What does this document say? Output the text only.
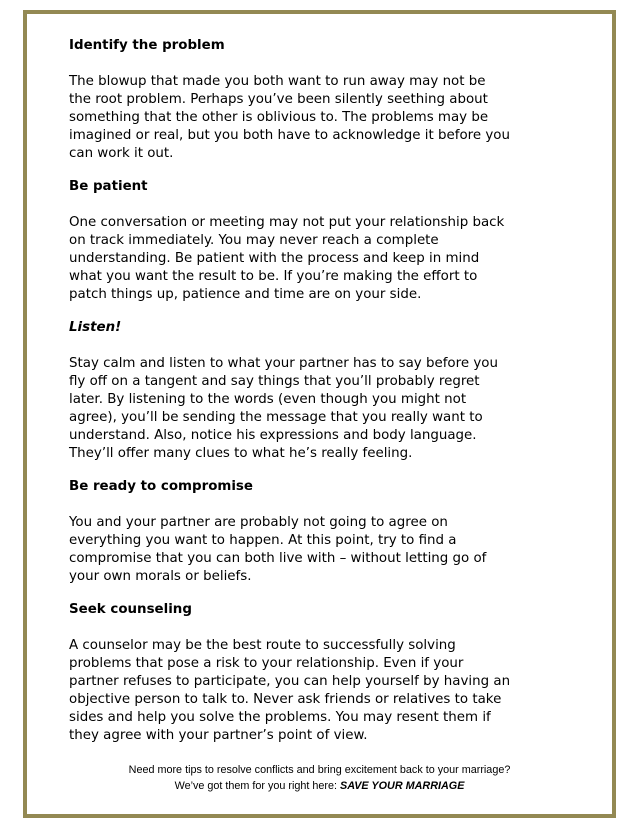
Identify the problem
The blowup that made you both want to run away may not be
the root problem. Perhaps you’ve been silently seething about
something that the other is oblivious to. The problems may be
imagined or real, but you both have to acknowledge it before you
can work it out.
Be patient
One conversation or meeting may not put your relationship back
on track immediately. You may never reach a complete
understanding. Be patient with the process and keep in mind
what you want the result to be. If you’re making the effort to
patch things up, patience and time are on your side.
Listen!
Stay calm and listen to what your partner has to say before you
fly off on a tangent and say things that you’ll probably regret
later. By listening to the words (even though you might not
agree), you’ll be sending the message that you really want to
understand. Also, notice his expressions and body language.
They’ll offer many clues to what he’s really feeling.
Be ready to compromise
You and your partner are probably not going to agree on
everything you want to happen. At this point, try to find a
compromise that you can both live with – without letting go of
your own morals or beliefs.
Seek counseling
A counselor may be the best route to successfully solving
problems that pose a risk to your relationship. Even if your
partner refuses to participate, you can help yourself by having an
objective person to talk to. Never ask friends or relatives to take
sides and help you solve the problems. You may resent them if
they agree with your partner’s point of view.
Need more tips to resolve conflicts and bring excitement back to your marriage?
We’ve got them for you right here: SAVE YOUR MARRIAGE
